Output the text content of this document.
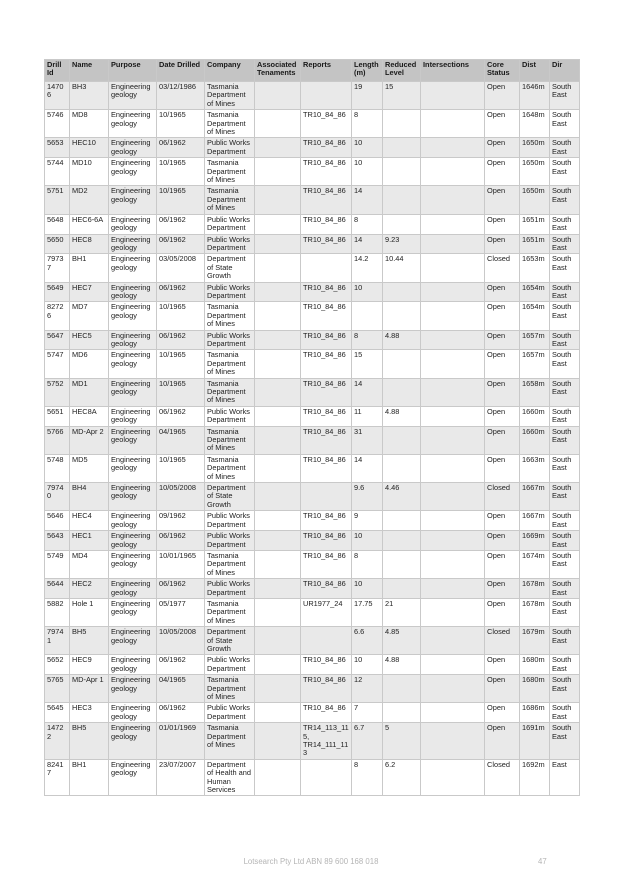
Drill Id	Name	Purpose	Date Drilled	Company	Associated Tenaments	Reports	Length (m)	Reduced Level	Intersections	Core Status	Dist	Dir
14706	BH3	Engineering geology	03/12/1986	Tasmania Department of Mines			19	15		Open	1646m	South East
5746	MD8	Engineering geology	10/1965	Tasmania Department of Mines		TR10_84_86	8			Open	1648m	South East
5653	HEC10	Engineering geology	06/1962	Public Works Department		TR10_84_86	10			Open	1650m	South East
5744	MD10	Engineering geology	10/1965	Tasmania Department of Mines		TR10_84_86	10			Open	1650m	South East
5751	MD2	Engineering geology	10/1965	Tasmania Department of Mines		TR10_84_86	14			Open	1650m	South East
5648	HEC6-6A	Engineering geology	06/1962	Public Works Department		TR10_84_86	8			Open	1651m	South East
5650	HEC8	Engineering geology	06/1962	Public Works Department		TR10_84_86	14	9.23		Open	1651m	South East
79737	BH1	Engineering geology	03/05/2008	Department of State Growth			14.2	10.44		Closed	1653m	South East
5649	HEC7	Engineering geology	06/1962	Public Works Department		TR10_84_86	10			Open	1654m	South East
82726	MD7	Engineering geology	10/1965	Tasmania Department of Mines		TR10_84_86				Open	1654m	South East
5647	HEC5	Engineering geology	06/1962	Public Works Department		TR10_84_86	8	4.88		Open	1657m	South East
5747	MD6	Engineering geology	10/1965	Tasmania Department of Mines		TR10_84_86	15			Open	1657m	South East
5752	MD1	Engineering geology	10/1965	Tasmania Department of Mines		TR10_84_86	14			Open	1658m	South East
5651	HEC8A	Engineering geology	06/1962	Public Works Department		TR10_84_86	11	4.88		Open	1660m	South East
5766	MD-Apr 2	Engineering geology	04/1965	Tasmania Department of Mines		TR10_84_86	31			Open	1660m	South East
5748	MD5	Engineering geology	10/1965	Tasmania Department of Mines		TR10_84_86	14			Open	1663m	South East
79740	BH4	Engineering geology	10/05/2008	Department of State Growth			9.6	4.46		Closed	1667m	South East
5646	HEC4	Engineering geology	09/1962	Public Works Department		TR10_84_86	9			Open	1667m	South East
5643	HEC1	Engineering geology	06/1962	Public Works Department		TR10_84_86	10			Open	1669m	South East
5749	MD4	Engineering geology	10/01/1965	Tasmania Department of Mines		TR10_84_86	8			Open	1674m	South East
5644	HEC2	Engineering geology	06/1962	Public Works Department		TR10_84_86	10			Open	1678m	South East
5882	Hole 1	Engineering geology	05/1977	Tasmania Department of Mines		UR1977_24	17.75	21		Open	1678m	South East
79741	BH5	Engineering geology	10/05/2008	Department of State Growth			6.6	4.85		Closed	1679m	South East
5652	HEC9	Engineering geology	06/1962	Public Works Department		TR10_84_86	10	4.88		Open	1680m	South East
5765	MD-Apr 1	Engineering geology	04/1965	Tasmania Department of Mines		TR10_84_86	12			Open	1680m	South East
5645	HEC3	Engineering geology	06/1962	Public Works Department		TR10_84_86	7			Open	1686m	South East
14722	BH5	Engineering geology	01/01/1969	Tasmania Department of Mines		TR14_113_115, TR14_111_113	6.7	5		Open	1691m	South East
82417	BH1	Engineering geology	23/07/2007	Department of Health and Human Services			8	6.2		Closed	1692m	East
Lotsearch Pty Ltd ABN 89 600 168 018	47
